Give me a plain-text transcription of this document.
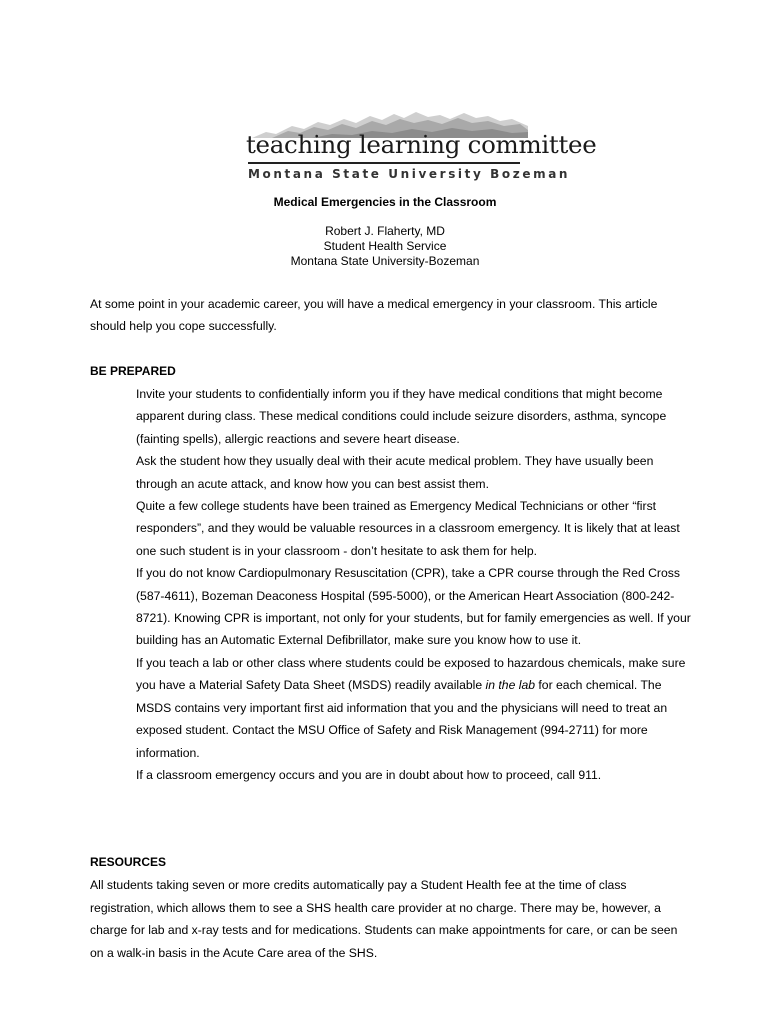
teaching learning committee
Montana State University Bozeman
Medical Emergencies in the Classroom
Robert J. Flaherty, MD
Student Health Service
Montana State University-Bozeman
At some point in your academic career, you will have a medical emergency in your classroom. This article should help you cope successfully.
BE PREPARED

Invite your students to confidentially inform you if they have medical conditions that might become apparent during class. These medical conditions could include seizure disorders, asthma, syncope (fainting spells), allergic reactions and severe heart disease.

Ask the student how they usually deal with their acute medical problem. They have usually been through an acute attack, and know how you can best assist them.

Quite a few college students have been trained as Emergency Medical Technicians or other “first responders”, and they would be valuable resources in a classroom emergency. It is likely that at least one such student is in your classroom - don’t hesitate to ask them for help.

If you do not know Cardiopulmonary Resuscitation (CPR), take a CPR course through the Red Cross (587-4611), Bozeman Deaconess Hospital (595-5000), or the American Heart Association (800-242-8721). Knowing CPR is important, not only for your students, but for family emergencies as well. If your building has an Automatic External Defibrillator, make sure you know how to use it.

If you teach a lab or other class where students could be exposed to hazardous chemicals, make sure you have a Material Safety Data Sheet (MSDS) readily available in the lab for each chemical. The MSDS contains very important first aid information that you and the physicians will need to treat an exposed student. Contact the MSU Office of Safety and Risk Management (994-2711) for more information.

If a classroom emergency occurs and you are in doubt about how to proceed, call 911.

RESOURCES
All students taking seven or more credits automatically pay a Student Health fee at the time of class registration, which allows them to see a SHS health care provider at no charge. There may be, however, a charge for lab and x-ray tests and for medications. Students can make appointments for care, or can be seen on a walk-in basis in the Acute Care area of the SHS.
